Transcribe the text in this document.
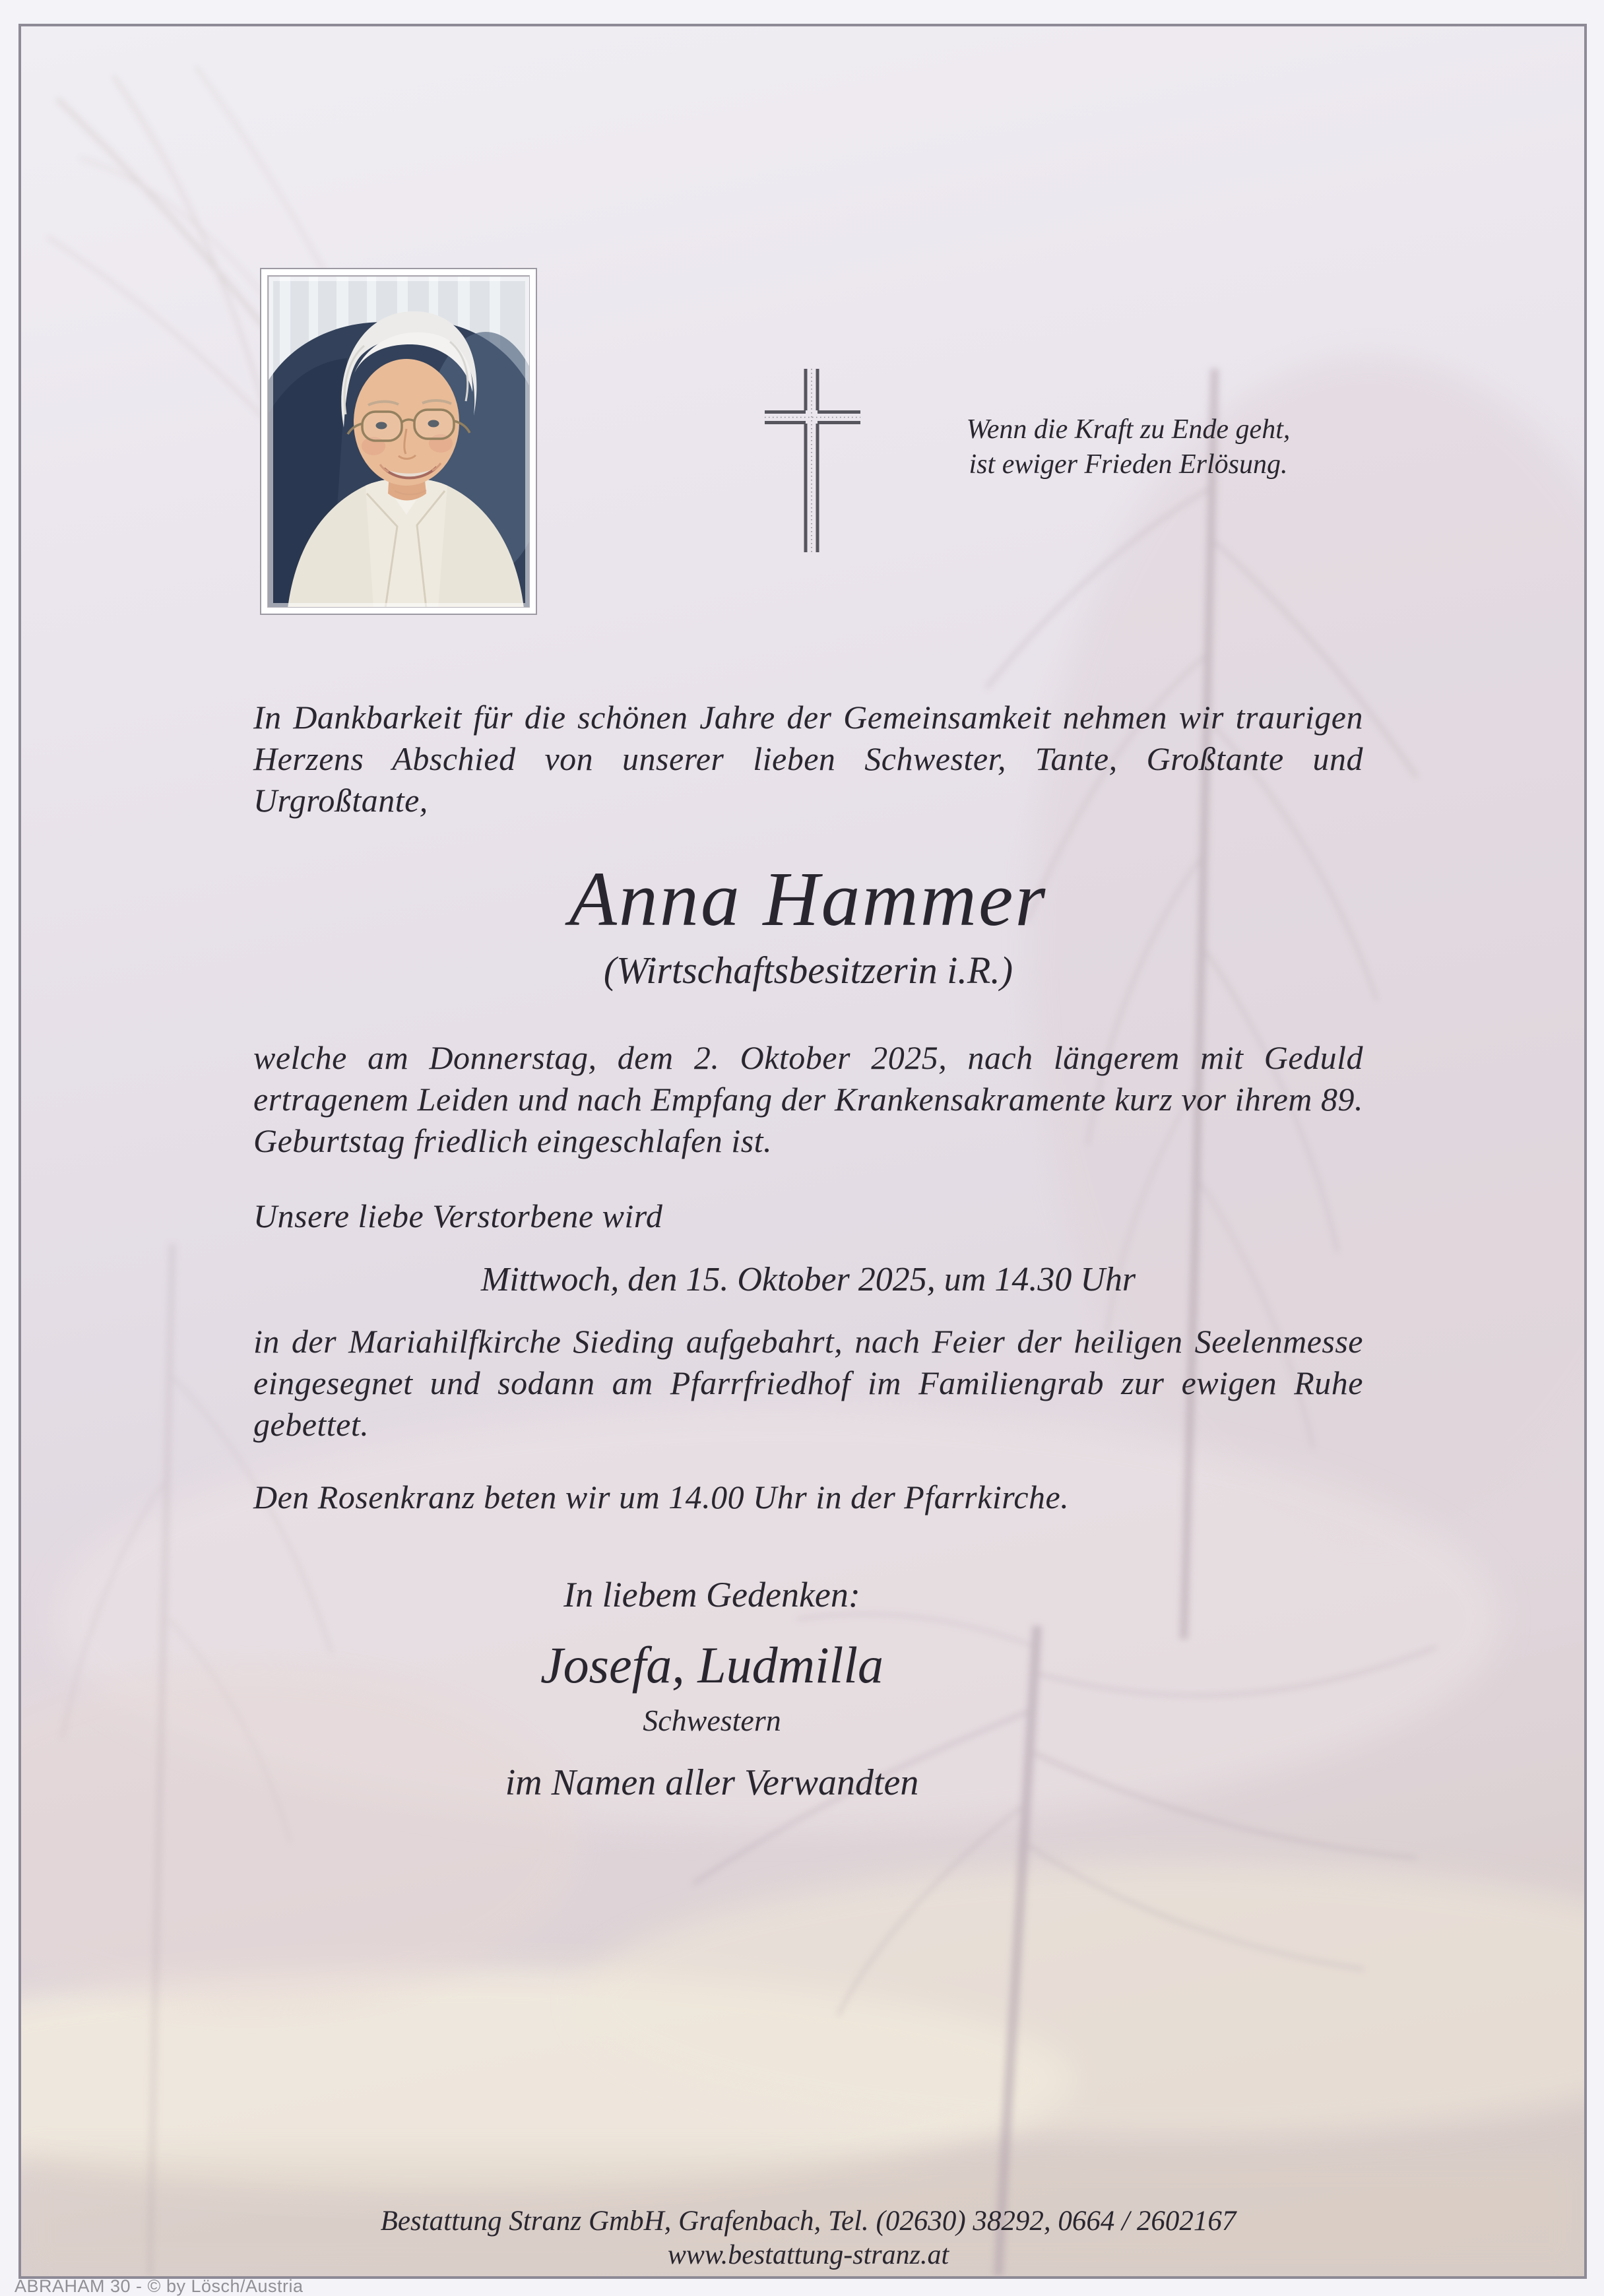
Wenn die Kraft zu Ende geht,
ist ewiger Frieden Erlösung.
In Dankbarkeit für die schönen Jahre der Gemeinsamkeit nehmen wir traurigen Herzens Abschied von unserer lieben Schwester, Tante, Großtante und Urgroßtante,
Anna Hammer
(Wirtschaftsbesitzerin i.R.)
welche am Donnerstag, dem 2. Oktober 2025, nach längerem mit Geduld ertragenem Leiden und nach Empfang der Krankensakramente kurz vor ihrem 89. Geburtstag friedlich eingeschlafen ist.
Unsere liebe Verstorbene wird
Mittwoch, den 15. Oktober 2025, um 14.30 Uhr
in der Mariahilfkirche Sieding aufgebahrt, nach Feier der heiligen Seelenmesse eingesegnet und sodann am Pfarrfriedhof im Familiengrab zur ewigen Ruhe gebettet.
Den Rosenkranz beten wir um 14.00 Uhr in der Pfarrkirche.
In liebem Gedenken:
Josefa, Ludmilla
Schwestern
im Namen aller Verwandten
Bestattung Stranz GmbH, Grafenbach, Tel. (02630) 38292, 0664 / 2602167
www.bestattung-stranz.at
ABRAHAM 30 - © by Lösch/Austria
